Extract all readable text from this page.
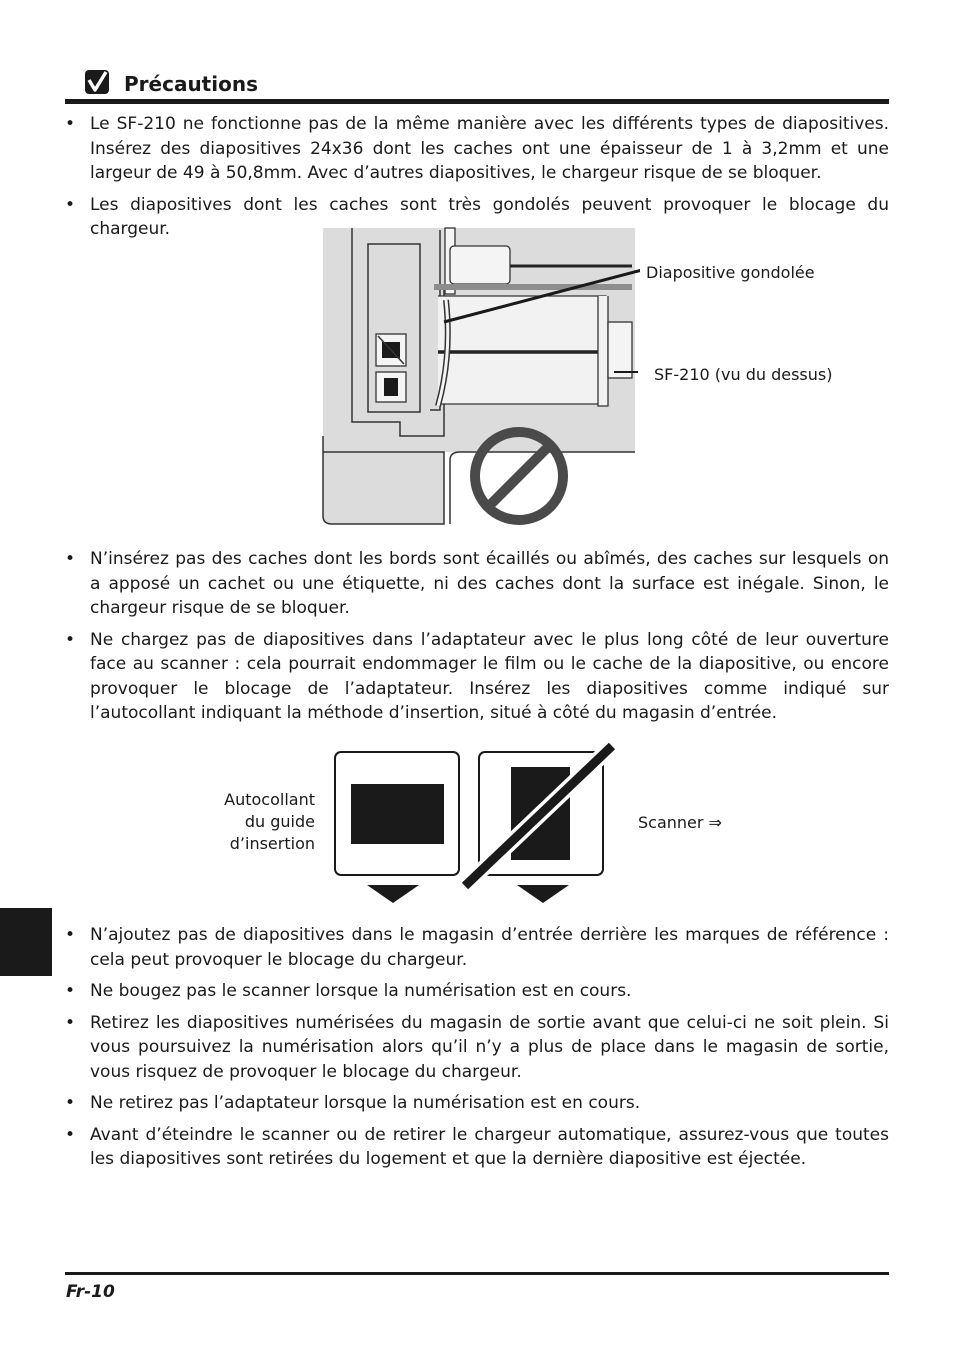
Précautions
• Le SF-210 ne fonctionne pas de la même manière avec les différents types de diapositives. Insérez des diapositives 24x36 dont les caches ont une épaisseur de 1 à 3,2mm et une largeur de 49 à 50,8mm. Avec d’autres diapositives, le chargeur risque de se bloquer.
• Les diapositives dont les caches sont très gondolés peuvent provoquer le blocage du chargeur.
Diapositive gondolée
SF-210 (vu du dessus)
• N’insérez pas des caches dont les bords sont écaillés ou abîmés, des caches sur lesquels on a apposé un cachet ou une étiquette, ni des caches dont la surface est inégale. Sinon, le chargeur risque de se bloquer.
• Ne chargez pas de diapositives dans l’adaptateur avec le plus long côté de leur ouverture face au scanner : cela pourrait endommager le film ou le cache de la diapositive, ou encore provoquer le blocage de l’adaptateur. Insérez les diapositives comme indiqué sur l’autocollant indiquant la méthode d’insertion, situé à côté du magasin d’entrée.
Autocollant
du guide
d’insertion
Scanner ⇒
• N’ajoutez pas de diapositives dans le magasin d’entrée derrière les marques de référence : cela peut provoquer le blocage du chargeur.
• Ne bougez pas le scanner lorsque la numérisation est en cours.
• Retirez les diapositives numérisées du magasin de sortie avant que celui-ci ne soit plein. Si vous poursuivez la numérisation alors qu’il n’y a plus de place dans le magasin de sortie, vous risquez de provoquer le blocage du chargeur.
• Ne retirez pas l’adaptateur lorsque la numérisation est en cours.
• Avant d’éteindre le scanner ou de retirer le chargeur automatique, assurez-vous que toutes les diapositives sont retirées du logement et que la dernière diapositive est éjectée.
Fr-10
